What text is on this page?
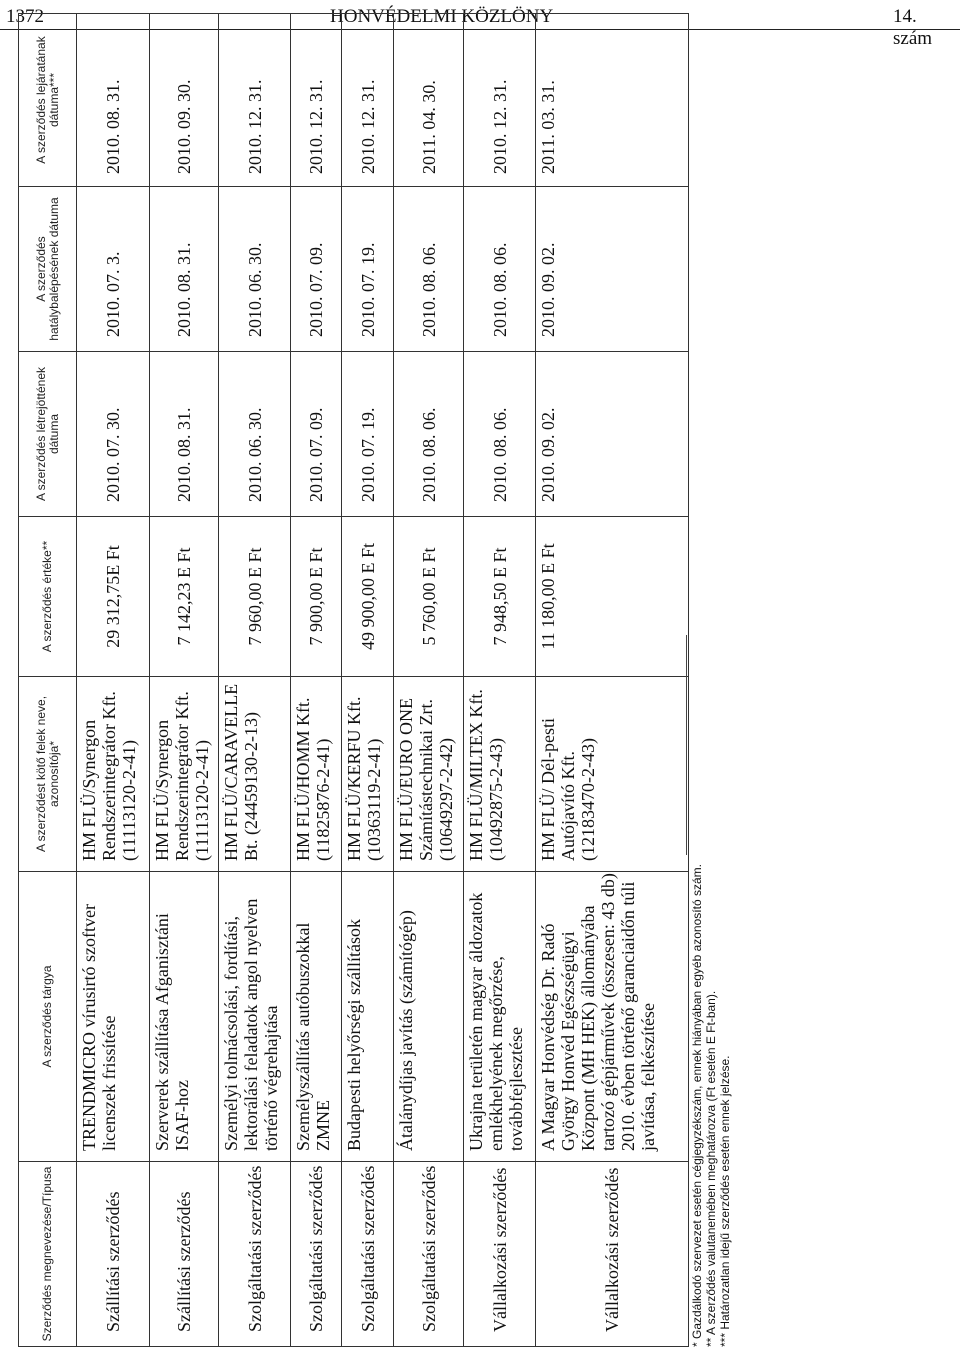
1372	HONVÉDELMI KÖZLÖNY	14. szám
Szerződés megnevezése/Típusa	A szerződés tárgya	A szerződést kötő felek neve, azonosítója*	A szerződés értéke**	A szerződés létrejöttének dátuma	A szerződés hatálybalépésének dátuma	A szerződés lejáratának dátuma***
Szállítási szerződés	TRENDMICRO vírusirtó szoftver licenszek frissítése	HM FLÜ/Synergon Rendszerintegrátor Kft. (11113120-2-41)	29 312,75E Ft	2010. 07. 30.	2010. 07. 3.	2010. 08. 31.
Szállítási szerződés	Szerverek szállítása Afganisztáni ISAF-hoz	HM FLÜ/Synergon Rendszerintegrátor Kft. (11113120-2-41)	7 142,23 E Ft	2010. 08. 31.	2010. 08. 31.	2010. 09. 30.
Szolgáltatási szerződés	Személyi tolmácsolási, fordítási, lektorálási feladatok angol nyelven történő végrehajtása	HM FLÜ/CARAVELLE Bt. (24459130-2-13)	7 960,00 E Ft	2010. 06. 30.	2010. 06. 30.	2010. 12. 31.
Szolgáltatási szerződés	Személyszállítás autóbuszokkal ZMNE	HM FLÜ/HOMM Kft. (11825876-2-41)	7 900,00 E Ft	2010. 07. 09.	2010. 07. 09.	2010. 12. 31.
Szolgáltatási szerződés	Budapesti helyőrségi szállítások	HM FLÜ/KERFU Kft. (10363119-2-41)	49 900,00 E Ft	2010. 07. 19.	2010. 07. 19.	2010. 12. 31.
Szolgáltatási szerződés	Átalánydíjas javítás (számítógép)	HM FLÜ/EURO ONE Számítástechnikai Zrt. (10649297-2-42)	5 760,00 E Ft	2010. 08. 06.	2010. 08. 06.	2011. 04. 30.
Vállalkozási szerződés	Ukrajna területén magyar áldozatok emlékhelyének megőrzése, továbbfejlesztése	HM FLÜ/MILTEX Kft. (10492875-2-43)	7 948,50 E Ft	2010. 08. 06.	2010. 08. 06.	2010. 12. 31.
Vállalkozási szerződés	A Magyar Honvédség Dr. Radó György Honvéd Egészségügyi Központ (MH HEK) állományába tartozó gépjárművek (összesen: 43 db) 2010. évben történő garanciaidőn túli javítása, felkészítése	HM FLÜ/ Dél-pesti Autójavító Kft. (12183470-2-43)	11 180,00 E Ft	2010. 09. 02.	2010. 09. 02.	2011. 03. 31.
* Gazdálkodó szervezet esetén cégjegyzékszám, ennek hiányában egyéb azonosító szám. ** A szerződés valutanemében meghatározva (Ft esetén E Ft-ban). *** Határozatlan idejű szerződés esetén ennek jelzése.
